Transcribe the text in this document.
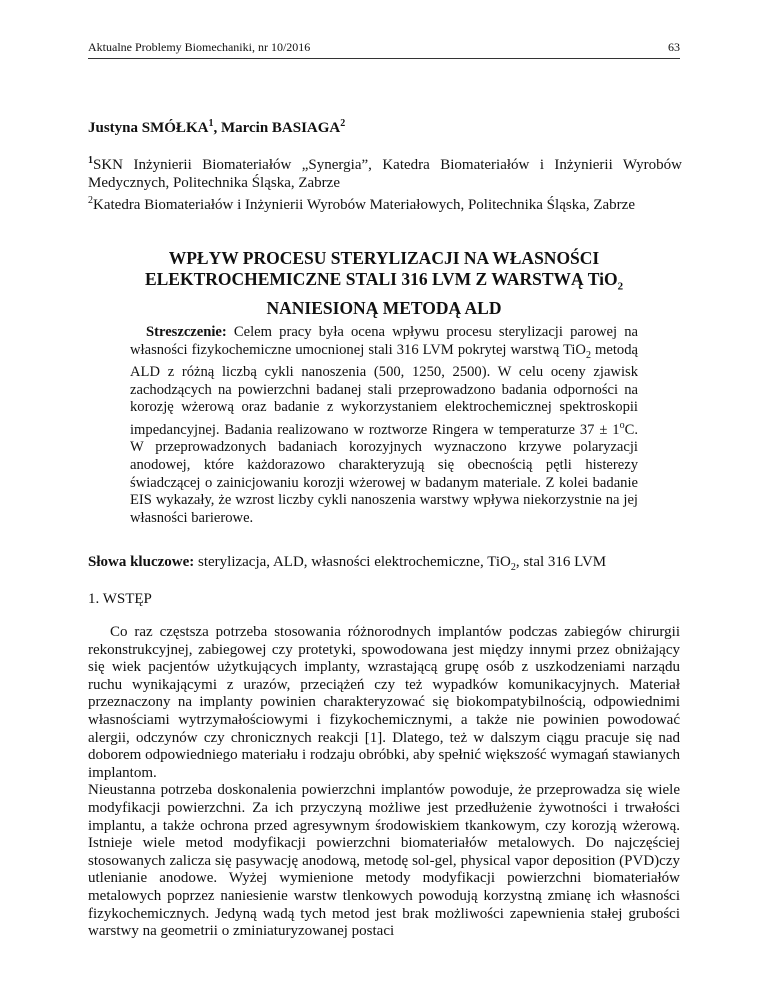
Aktualne Problemy Biomechaniki, nr 10/2016	63
Justyna SMÓŁKA$^1$, Marcin BASIAGA$^2$
$^1$SKN Inżynierii Biomateriałów „Synergia”, Katedra Biomateriałów i Inżynierii Wyrobów Medycznych, Politechnika Śląska, Zabrze
$^2$Katedra Biomateriałów i Inżynierii Wyrobów Materiałowych, Politechnika Śląska, Zabrze
WPŁYW PROCESU STERYLIZACJI NA WŁASNOŚCI
ELEKTROCHEMICZNE STALI 316 LVM Z WARSTWĄ TiO$_2$
NANIESIONĄ METODĄ ALD
Streszczenie: Celem pracy była ocena wpływu procesu sterylizacji parowej na własności fizykochemiczne umocnionej stali 316 LVM pokrytej warstwą TiO$_2$ metodą ALD z różną liczbą cykli nanoszenia (500, 1250, 2500). W celu oceny zjawisk zachodzących na powierzchni badanej stali przeprowadzono badania odporności na korozję wżerową oraz badanie z wykorzystaniem elektrochemicznej spektroskopii impedancyjnej. Badania realizowano w roztworze Ringera w temperaturze $37 \pm 1^oC$. W przeprowadzonych badaniach korozyjnych wyznaczono krzywe polaryzacji anodowej, które każdorazowo charakteryzują się obecnością pętli histerezy świadczącej o zainicjowaniu korozji wżerowej w badanym materiale. Z kolei badanie EIS wykazały, że wzrost liczby cykli nanoszenia warstwy wpływa niekorzystnie na jej własności barierowe.
Słowa kluczowe: sterylizacja, ALD, własności elektrochemiczne, TiO$_2$, stal 316 LVM
1. WSTĘP

Co raz częstsza potrzeba stosowania różnorodnych implantów podczas zabiegów chirurgii rekonstrukcyjnej, zabiegowej czy protetyki, spowodowana jest między innymi przez obniżający się wiek pacjentów użytkujących implanty, wzrastającą grupę osób z uszkodzeniami narządu ruchu wynikającymi z urazów, przeciążeń czy też wypadków komunikacyjnych. Materiał przeznaczony na implanty powinien charakteryzować się biokompatybilnością, odpowiednimi własnościami wytrzymałościowymi i fizykochemicznymi, a także nie powinien powodować alergii, odczynów czy chronicznych reakcji [1]. Dlatego, też w dalszym ciągu pracuje się nad doborem odpowiedniego materiału i rodzaju obróbki, aby spełnić większość wymagań stawianych implantom.

Nieustanna potrzeba doskonalenia powierzchni implantów powoduje, że przeprowadza się wiele modyfikacji powierzchni. Za ich przyczyną możliwe jest przedłużenie żywotności i trwałości implantu, a także ochrona przed agresywnym środowiskiem tkankowym, czy korozją wżerową. Istnieje wiele metod modyfikacji powierzchni biomateriałów metalowych. Do najczęściej stosowanych zalicza się pasywację anodową, metodę sol-gel, physical vapor deposition (PVD)czy utlenianie anodowe. Wyżej wymienione metody modyfikacji powierzchni biomateriałów metalowych poprzez naniesienie warstw tlenkowych powodują korzystną zmianę ich własności fizykochemicznych. Jedyną wadą tych metod jest brak możliwości zapewnienia stałej grubości warstwy na geometrii o zminiaturyzowanej postaci
